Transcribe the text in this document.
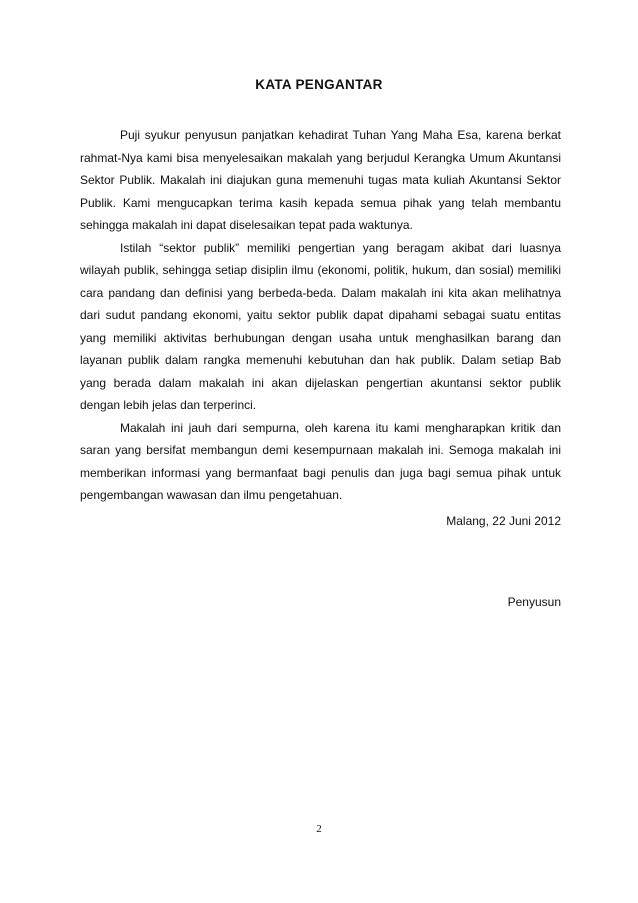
KATA PENGANTAR

Puji syukur penyusun panjatkan kehadirat Tuhan Yang Maha Esa, karena berkat rahmat-Nya kami bisa menyelesaikan makalah yang berjudul Kerangka Umum Akuntansi Sektor Publik. Makalah ini diajukan guna memenuhi tugas mata kuliah Akuntansi Sektor Publik. Kami mengucapkan terima kasih kepada semua pihak yang telah membantu sehingga makalah ini dapat diselesaikan tepat pada waktunya.

Istilah “sektor publik” memiliki pengertian yang beragam akibat dari luasnya wilayah publik, sehingga setiap disiplin ilmu (ekonomi, politik, hukum, dan sosial) memiliki cara pandang dan definisi yang berbeda-beda. Dalam makalah ini kita akan melihatnya dari sudut pandang ekonomi, yaitu sektor publik dapat dipahami sebagai suatu entitas yang memiliki aktivitas berhubungan dengan usaha untuk menghasilkan barang dan layanan publik dalam rangka memenuhi kebutuhan dan hak publik. Dalam setiap Bab yang berada dalam makalah ini akan dijelaskan pengertian akuntansi sektor publik dengan lebih jelas dan terperinci.

Makalah ini jauh dari sempurna, oleh karena itu kami mengharapkan kritik dan saran yang bersifat membangun demi kesempurnaan makalah ini. Semoga makalah ini memberikan informasi yang bermanfaat bagi penulis dan juga bagi semua pihak untuk pengembangan wawasan dan ilmu pengetahuan.

Malang, 22 Juni 2012

Penyusun

2
